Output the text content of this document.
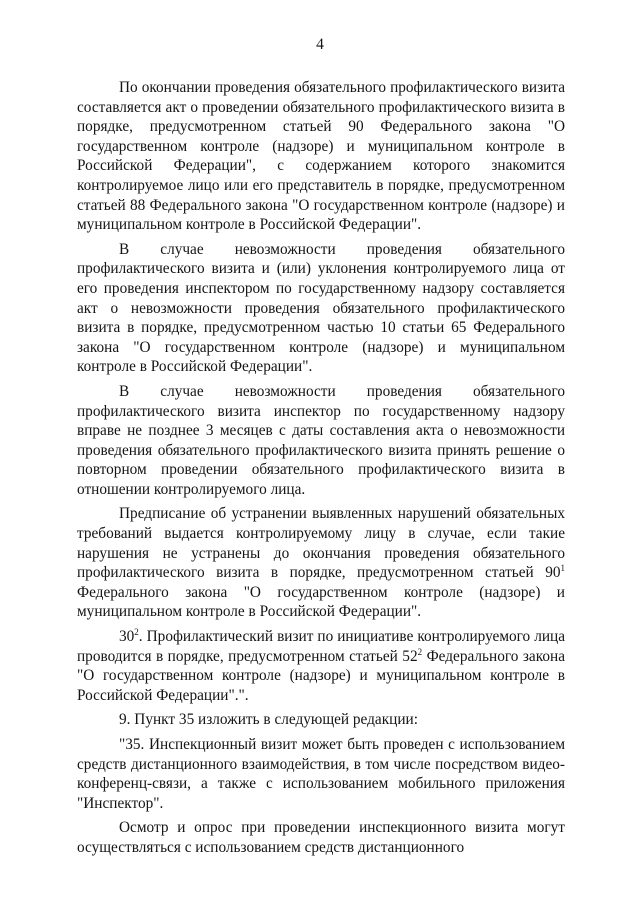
4

По окончании проведения обязательного профилактического визита составляется акт о проведении обязательного профилактического визита в порядке, предусмотренном статьей 90 Федерального закона "О государственном контроле (надзоре) и муниципальном контроле в Российской Федерации", с содержанием которого знакомится контролируемое лицо или его представитель в порядке, предусмотренном статьей 88 Федерального закона "О государственном контроле (надзоре) и муниципальном контроле в Российской Федерации".

В случае невозможности проведения обязательного профилактического визита и (или) уклонения контролируемого лица от его проведения инспектором по государственному надзору составляется акт о невозможности проведения обязательного профилактического визита в порядке, предусмотренном частью 10 статьи 65 Федерального закона "О государственном контроле (надзоре) и муниципальном контроле в Российской Федерации".

В случае невозможности проведения обязательного профилактического визита инспектор по государственному надзору вправе не позднее 3 месяцев с даты составления акта о невозможности проведения обязательного профилактического визита принять решение о повторном проведении обязательного профилактического визита в отношении контролируемого лица.

Предписание об устранении выявленных нарушений обязательных требований выдается контролируемому лицу в случае, если такие нарушения не устранены до окончания проведения обязательного профилактического визита в порядке, предусмотренном статьей $90^1$ Федерального закона "О государственном контроле (надзоре) и муниципальном контроле в Российской Федерации".

$30^2$. Профилактический визит по инициативе контролируемого лица проводится в порядке, предусмотренном статьей $52^2$ Федерального закона "О государственном контроле (надзоре) и муниципальном контроле в Российской Федерации".".

9. Пункт 35 изложить в следующей редакции:

"35. Инспекционный визит может быть проведен с использованием средств дистанционного взаимодействия, в том числе посредством видео-конференц-связи, а также с использованием мобильного приложения "Инспектор".

Осмотр и опрос при проведении инспекционного визита могут осуществляться с использованием средств дистанционного
